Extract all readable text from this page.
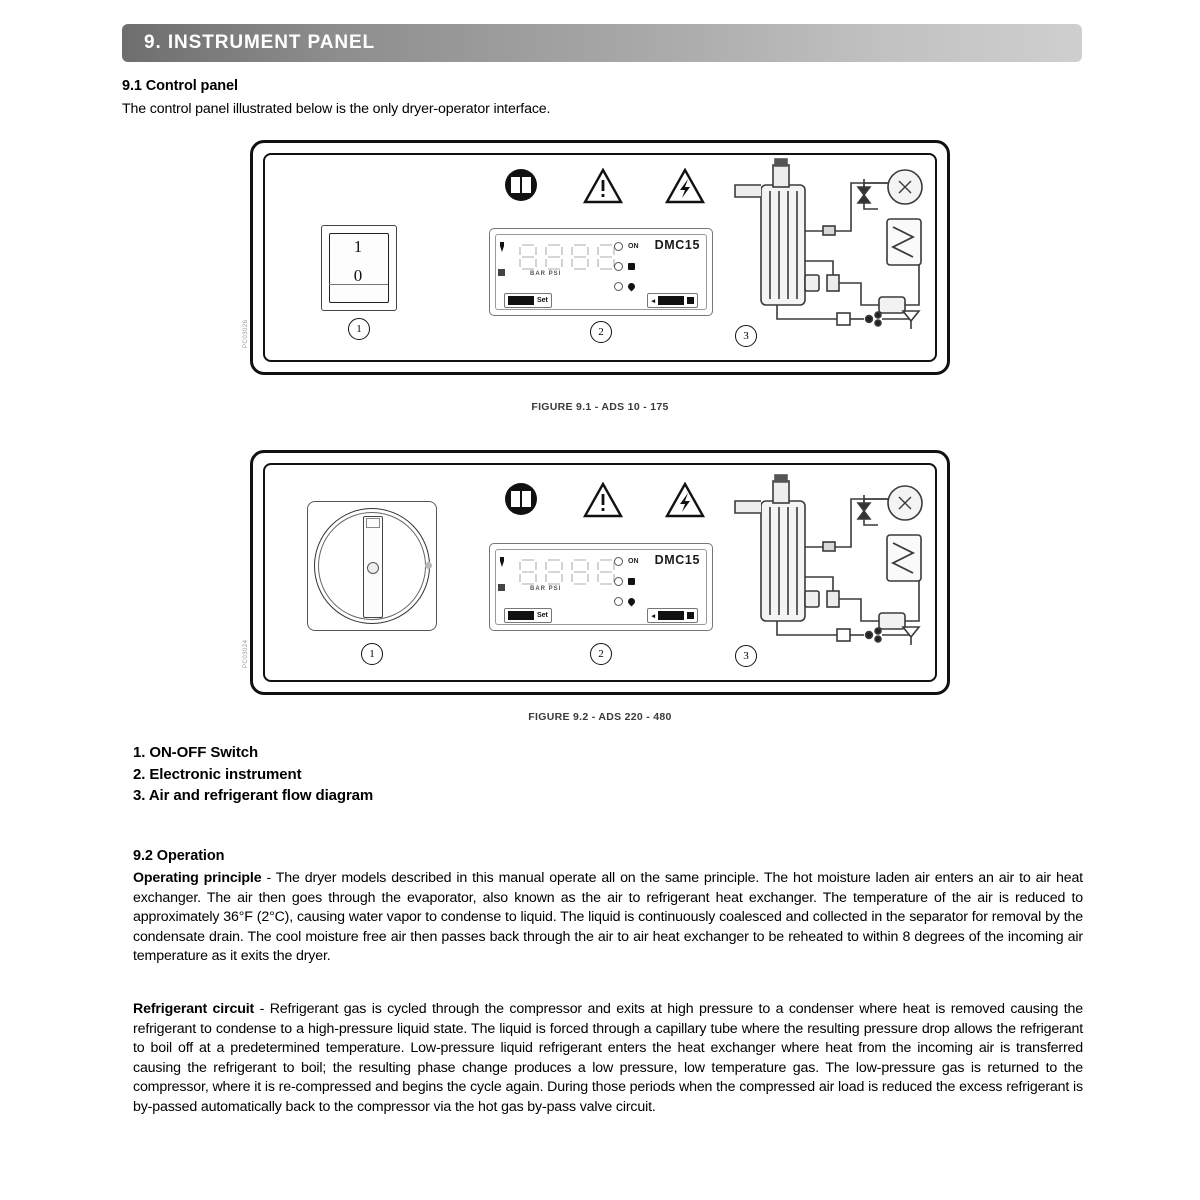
9. INSTRUMENT PANEL
9.1 Control panel
The control panel illustrated below is the only dryer-operator interface.
PC03026
1
0
1
DMC15
BAR PSI
ON
Set	◂
2	3
FIGURE 9.1 - ADS 10 - 175
PC03024	1
DMC15
BAR PSI
ON
Set	◂
2	3
FIGURE 9.2 - ADS 220 - 480
1. ON-OFF Switch
2. Electronic instrument
3. Air and refrigerant flow diagram
9.2 Operation
Operating principle - The dryer models described in this manual operate all on the same principle. The hot moisture laden air enters an air to air heat exchanger. The air then goes through the evaporator, also known as the air to refrigerant heat exchanger. The temperature of the air is reduced to approximately 36°F (2°C), causing water vapor to condense to liquid. The liquid is continuously coalesced and collected in the separator for removal by the condensate drain. The cool moisture free air then passes back through the air to air heat exchanger to be reheated to within 8 degrees of the incoming air temperature as it exits the dryer.
Refrigerant circuit - Refrigerant gas is cycled through the compressor and exits at high pressure to a condenser where heat is removed causing the refrigerant to condense to a high-pressure liquid state. The liquid is forced through a capillary tube where the resulting pressure drop allows the refrigerant to boil off at a predetermined temperature. Low-pressure liquid refrigerant enters the heat exchanger where heat from the incoming air is transferred causing the refrigerant to boil; the resulting phase change produces a low pressure, low temperature gas. The low-pressure gas is returned to the compressor, where it is re-compressed and begins the cycle again. During those periods when the compressed air load is reduced the excess refrigerant is by-passed automatically back to the compressor via the hot gas by-pass valve circuit.
